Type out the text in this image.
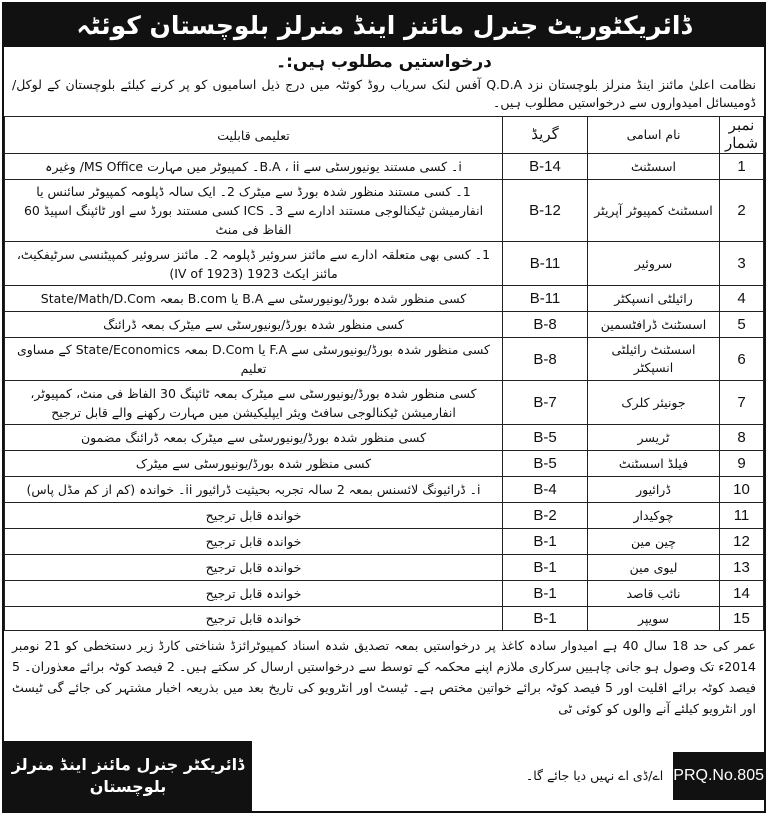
ڈائریکٹوریٹ جنرل مائنز اینڈ منرلز بلوچستان کوئٹہ
درخواستیں مطلوب ہیں:۔
نظامت اعلیٰ مائنز اینڈ منرلز بلوچستان نزد Q.D.A آفس لنک سریاب روڈ کوئٹہ میں درج ذیل اسامیوں کو پر کرنے کیلئے بلوچستان کے لوکل/ڈومیسائل امیدواروں سے درخواستیں مطلوب ہیں۔
نمبر شمار	نام اسامی	گریڈ	تعلیمی قابلیت
1	اسسٹنٹ	B-14	i۔ کسی مستند یونیورسٹی سے B.A ، ii۔ کمپیوٹر میں مہارت MS Office/ وغیرہ
2	اسسٹنٹ کمپیوٹر آپریٹر	B-12	1۔ کسی مستند منظور شدہ بورڈ سے میٹرک 2۔ ایک سالہ ڈپلومہ کمپیوٹر سائنس یا انفارمیشن ٹیکنالوجی مستند ادارے سے 3۔ ICS کسی مستند بورڈ سے اور ٹائپنگ اسپیڈ 60 الفاظ فی منٹ
3	سروئیر	B-11	1۔ کسی بھی متعلقہ ادارے سے مائنز سروئیر ڈپلومہ 2۔ مائنز سروئیر کمپیٹنسی سرٹیفکیٹ، مائنز ایکٹ 1923 (IV of 1923)
4	رائیلٹی انسپکٹر	B-11	کسی منظور شدہ بورڈ/یونیورسٹی سے B.A یا B.com بمعہ State/Math/D.Com
5	اسسٹنٹ ڈرافٹسمین	B-8	کسی منظور شدہ بورڈ/یونیورسٹی سے میٹرک بمعہ ڈرائنگ
6	اسسٹنٹ رائیلٹی انسپکٹر	B-8	کسی منظور شدہ بورڈ/یونیورسٹی سے F.A یا D.Com بمعہ State/Economics کے مساوی تعلیم
7	جونیئر کلرک	B-7	کسی منظور شدہ بورڈ/یونیورسٹی سے میٹرک بمعہ ٹائپنگ 30 الفاظ فی منٹ، کمپیوٹر، انفارمیشن ٹیکنالوجی سافٹ ویئر ایپلیکیشن میں مہارت رکھنے والے قابل ترجیح
8	ٹریسر	B-5	کسی منظور شدہ بورڈ/یونیورسٹی سے میٹرک بمعہ ڈرائنگ مضمون
9	فیلڈ اسسٹنٹ	B-5	کسی منظور شدہ بورڈ/یونیورسٹی سے میٹرک
10	ڈرائیور	B-4	i۔ ڈرائیونگ لائسنس بمعہ 2 سالہ تجربہ بحیثیت ڈرائیور ii۔ خواندہ (کم از کم مڈل پاس)
11	چوکیدار	B-2	خواندہ قابل ترجیح
12	چین مین	B-1	خواندہ قابل ترجیح
13	لیوی مین	B-1	خواندہ قابل ترجیح
14	نائب قاصد	B-1	خواندہ قابل ترجیح
15	سویپر	B-1	خواندہ قابل ترجیح
عمر کی حد 18 سال 40 ہے امیدوار سادہ کاغذ پر درخواستیں بمعہ تصدیق شدہ اسناد کمپیوٹرائزڈ شناختی کارڈ زیر دستخطی کو 21 نومبر 2014ء تک وصول ہو جانی چاہییں سرکاری ملازم اپنے محکمہ کے توسط سے درخواستیں ارسال کر سکتے ہیں۔ 2 فیصد کوٹہ برائے معذوران۔ 5 فیصد کوٹہ برائے اقلیت اور 5 فیصد کوٹہ برائے خواتین مختص ہے۔ ٹیسٹ اور انٹرویو کی تاریخ بعد میں بذریعہ اخبار مشتہر کی جائے گی ٹیسٹ اور انٹرویو کیلئے آنے والوں کو کوئی ٹی
ڈائریکٹر جنرل مائنز اینڈ منرلز بلوچستان
اے/ڈی اے نہیں دیا جائے گا۔ PRQ.No.805
